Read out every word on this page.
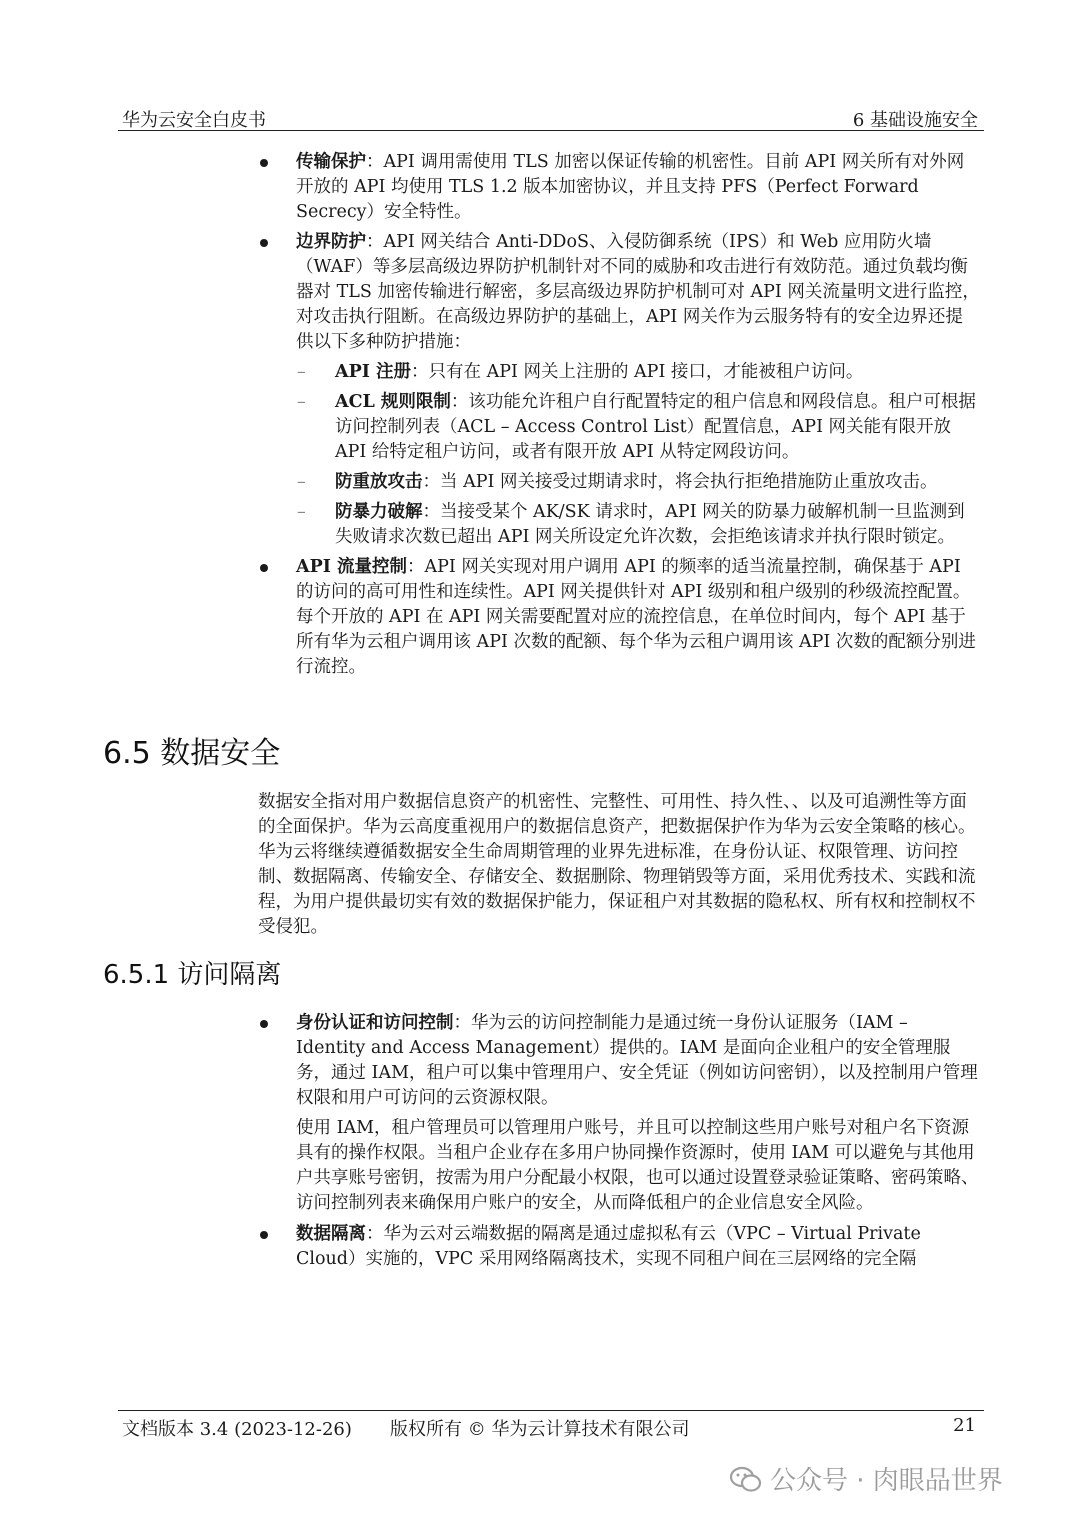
华为云安全白皮书	6 基础设施安全
传输保护：API 调用需使用 TLS 加密以保证传输的机密性。目前 API 网关所有对外网开放的 API 均使用 TLS 1.2 版本加密协议，并且支持 PFS（Perfect Forward Secrecy）安全特性。
边界防护：API 网关结合 Anti-DDoS、入侵防御系统（IPS）和 Web 应用防火墙（WAF）等多层高级边界防护机制针对不同的威胁和攻击进行有效防范。通过负载均衡器对 TLS 加密传输进行解密，多层高级边界防护机制可对 API 网关流量明文进行监控，对攻击执行阻断。在高级边界防护的基础上，API 网关作为云服务特有的安全边界还提供以下多种防护措施：
– API 注册：只有在 API 网关上注册的 API 接口，才能被租户访问。
– ACL 规则限制：该功能允许租户自行配置特定的租户信息和网段信息。租户可根据访问控制列表（ACL – Access Control List）配置信息，API 网关能有限开放 API 给特定租户访问，或者有限开放 API 从特定网段访问。
– 防重放攻击：当 API 网关接受过期请求时，将会执行拒绝措施防止重放攻击。
– 防暴力破解：当接受某个 AK/SK 请求时，API 网关的防暴力破解机制一旦监测到失败请求次数已超出 API 网关所设定允许次数，会拒绝该请求并执行限时锁定。
API 流量控制：API 网关实现对用户调用 API 的频率的适当流量控制，确保基于 API 的访问的高可用性和连续性。API 网关提供针对 API 级别和租户级别的秒级流控配置。每个开放的 API 在 API 网关需要配置对应的流控信息，在单位时间内，每个 API 基于所有华为云租户调用该 API 次数的配额、每个华为云租户调用该 API 次数的配额分别进行流控。
6.5 数据安全

数据安全指对用户数据信息资产的机密性、完整性、可用性、持久性、、以及可追溯性等方面的全面保护。华为云高度重视用户的数据信息资产，把数据保护作为华为云安全策略的核心。华为云将继续遵循数据安全生命周期管理的业界先进标准，在身份认证、权限管理、访问控制、数据隔离、传输安全、存储安全、数据删除、物理销毁等方面，采用优秀技术、实践和流程，为用户提供最切实有效的数据保护能力，保证租户对其数据的隐私权、所有权和控制权不受侵犯。

6.5.1 访问隔离
身份认证和访问控制：华为云的访问控制能力是通过统一身份认证服务（IAM – Identity and Access Management）提供的。IAM 是面向企业租户的安全管理服务，通过 IAM，租户可以集中管理用户、安全凭证（例如访问密钥），以及控制用户管理权限和用户可访问的云资源权限。

使用 IAM，租户管理员可以管理用户账号，并且可以控制这些用户账号对租户名下资源具有的操作权限。当租户企业存在多用户协同操作资源时，使用 IAM 可以避免与其他用户共享账号密钥，按需为用户分配最小权限，也可以通过设置登录验证策略、密码策略、访问控制列表来确保用户账户的安全，从而降低租户的企业信息安全风险。

数据隔离：华为云对云端数据的隔离是通过虚拟私有云（VPC – Virtual Private Cloud）实施的，VPC 采用网络隔离技术，实现不同租户间在三层网络的完全隔
文档版本 3.4 (2023-12-26) 版权所有 © 华为云计算技术有限公司	21
公众号 · 肉眼品世界
